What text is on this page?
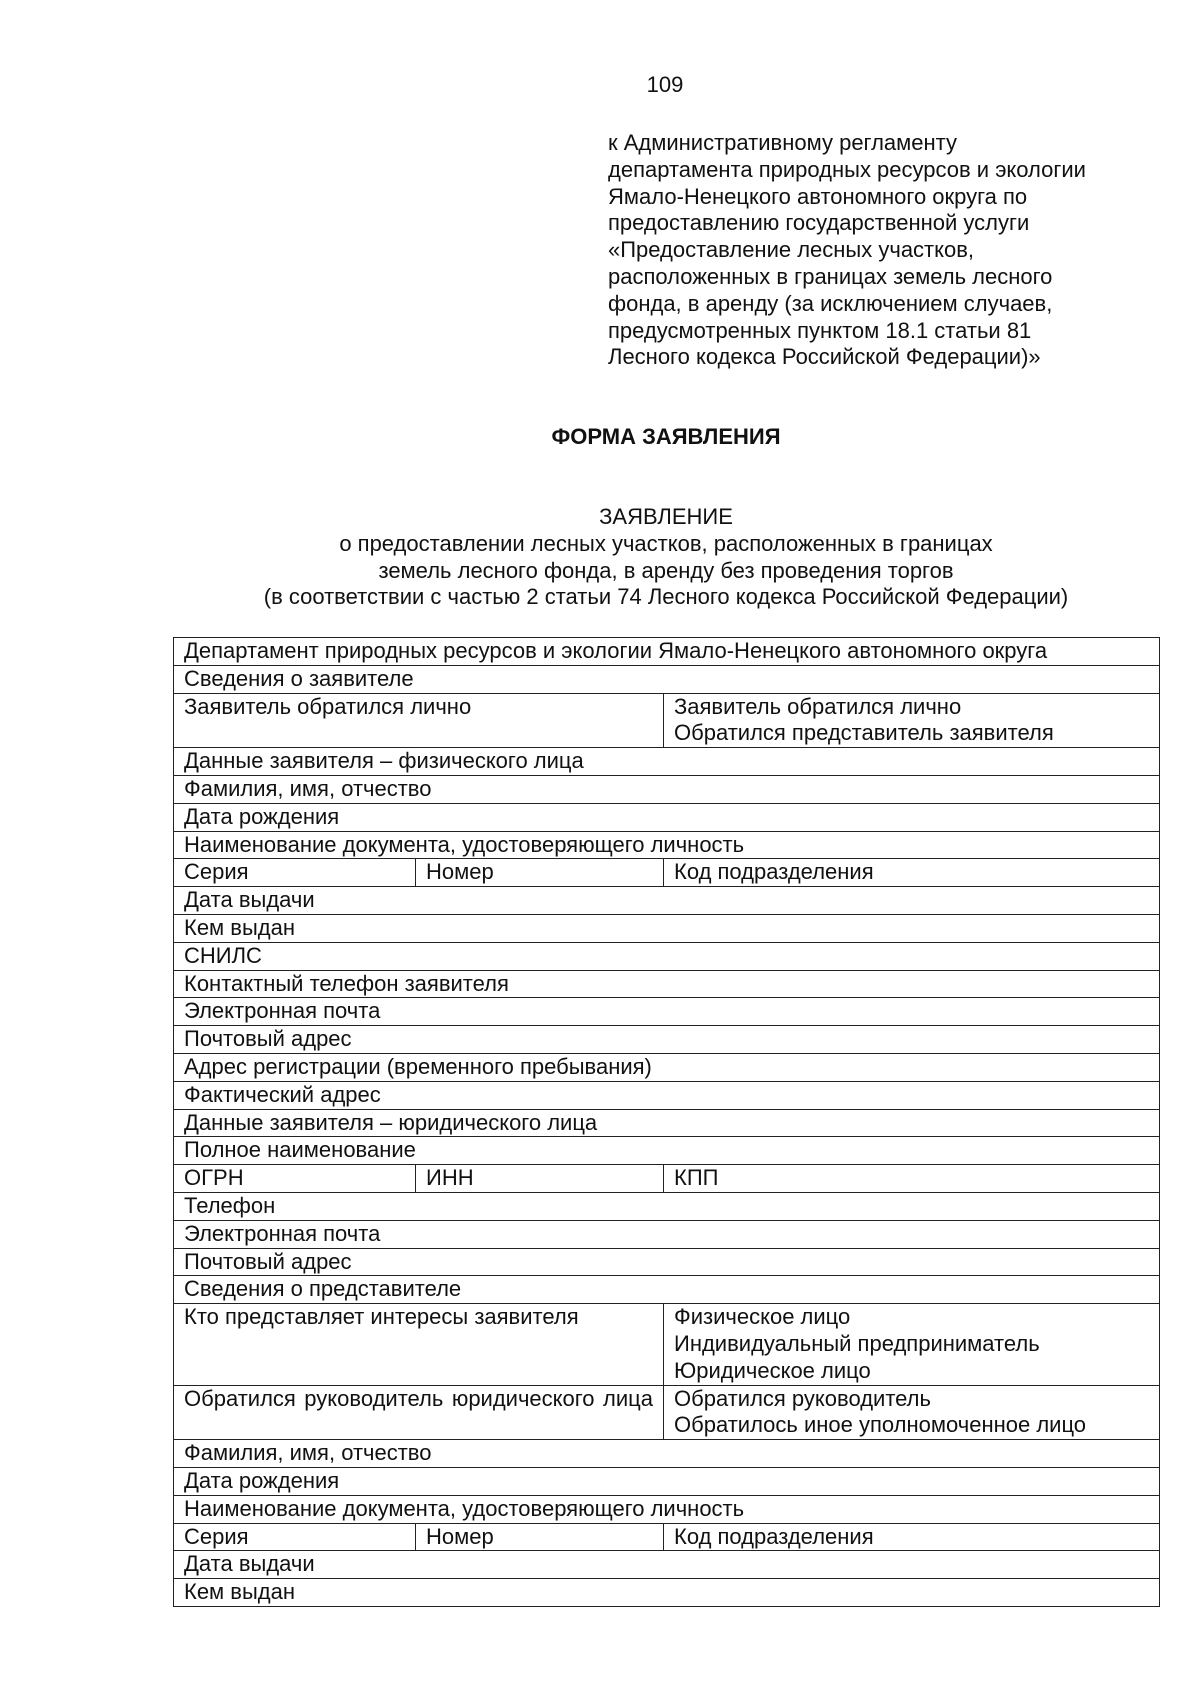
109
к Административному регламенту
департамента природных ресурсов и экологии
Ямало-Ненецкого автономного округа по
предоставлению государственной услуги
«Предоставление лесных участков,
расположенных в границах земель лесного
фонда, в аренду (за исключением случаев,
предусмотренных пунктом 18.1 статьи 81
Лесного кодекса Российской Федерации)»
ФОРМА ЗАЯВЛЕНИЯ
ЗАЯВЛЕНИЕ
о предоставлении лесных участков, расположенных в границах
земель лесного фонда, в аренду без проведения торгов
(в соответствии с частью 2 статьи 74 Лесного кодекса Российской Федерации)
Департамент природных ресурсов и экологии Ямало-Ненецкого автономного округа		
Сведения о заявителе		
Заявитель обратился лично		Заявитель обратился лично
Обратился представитель заявителя

Данные заявителя – физического лица		
Фамилия, имя, отчество		
Дата рождения		
Наименование документа, удостоверяющего личность		
Серия	Номер	Код подразделения
Дата выдачи		
Кем выдан		
СНИЛС		
Контактный телефон заявителя		
Электронная почта		
Почтовый адрес		
Адрес регистрации (временного пребывания)		
Фактический адрес		
Данные заявителя – юридического лица		
Полное наименование		
ОГРН	ИНН	КПП
Телефон		
Электронная почта		
Почтовый адрес		
Сведения о представителе		
Кто представляет интересы заявителя		Физическое лицо
Индивидуальный предприниматель
Юридическое лицо

Обратился руководитель юридического лица		Обратился руководитель
Обратилось иное уполномоченное лицо

Фамилия, имя, отчество		
Дата рождения		
Наименование документа, удостоверяющего личность		
Серия	Номер	Код подразделения
Дата выдачи		
Кем выдан		
